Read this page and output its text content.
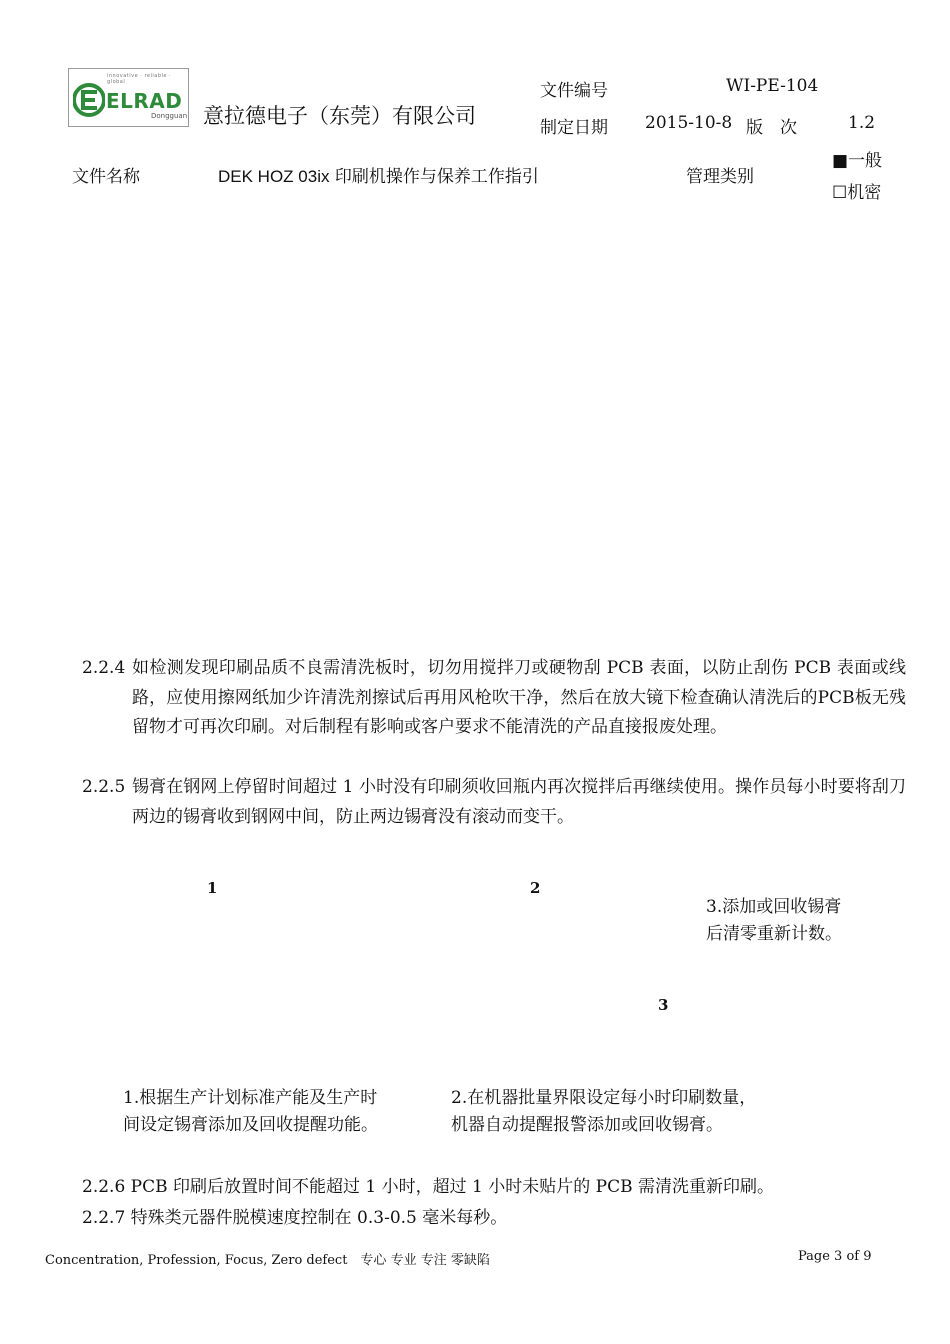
innovative · reliable · global
ELRAD
Dongguan 意拉德电子（东莞）有限公司
文件编号	WI-PE-104
制定日期 2015-10-8 版　次	1.2
文件名称	DEK HOZ 03ix 印刷机操作与保养工作指引	管理类别
■一般
☐机密
2.2.4 如检测发现印刷品质不良需清洗板时，切勿用搅拌刀或硬物刮 PCB 表面，以防止刮伤 PCB 表面或线路，应使用擦网纸加少许清洗剂擦试后再用风枪吹干净，然后在放大镜下检查确认清洗后的PCB板无残留物才可再次印刷。对后制程有影响或客户要求不能清洗的产品直接报废处理。
2.2.5 锡膏在钢网上停留时间超过 1 小时没有印刷须收回瓶内再次搅拌后再继续使用。操作员每小时要将刮刀两边的锡膏收到钢网中间，防止两边锡膏没有滚动而变干。
1	2
3
3.添加或回收锡膏
后清零重新计数。
1.根据生产计划标准产能及生产时
间设定锡膏添加及回收提醒功能。
2.在机器批量界限设定每小时印刷数量，
机器自动提醒报警添加或回收锡膏。
2.2.6 PCB 印刷后放置时间不能超过 1 小时，超过 1 小时未贴片的 PCB 需清洗重新印刷。
2.2.7 特殊类元器件脱模速度控制在 0.3-0.5 毫米每秒。
Concentration, Profession, Focus, Zero defect　专心 专业 专注 零缺陷	Page 3 of 9
